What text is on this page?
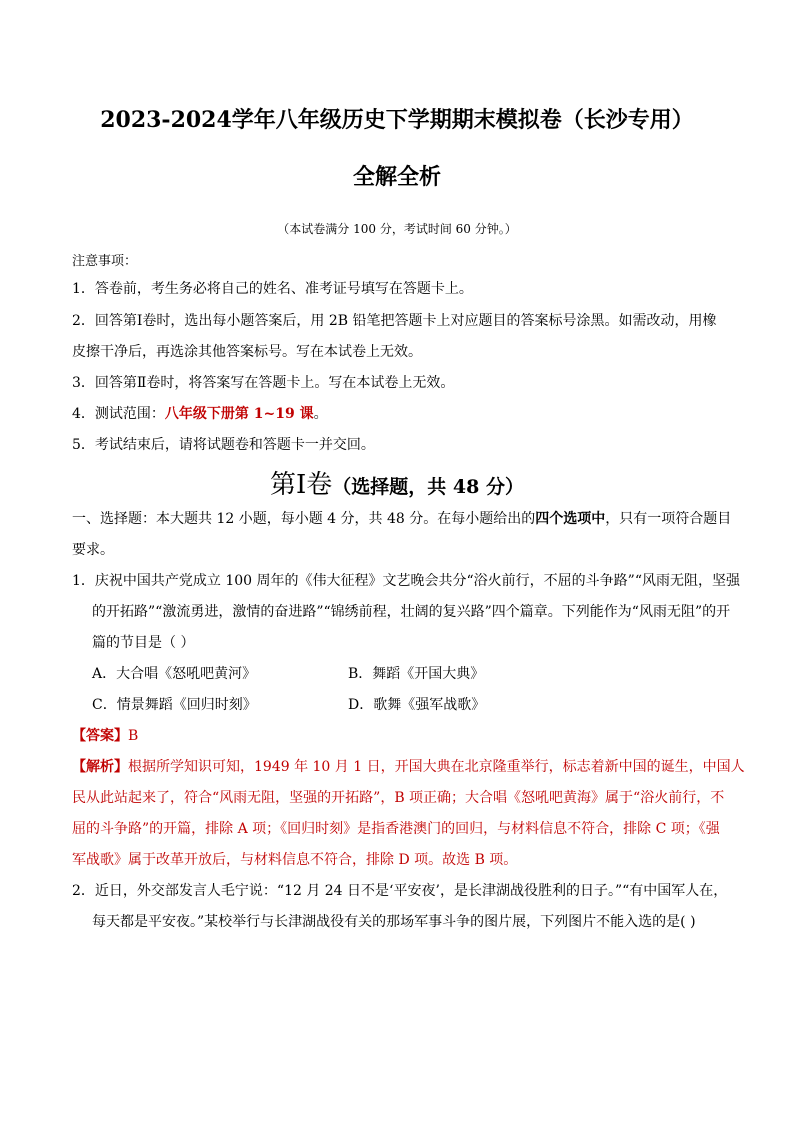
2023-2024学年八年级历史下学期期末模拟卷（长沙专用）
全解全析
（本试卷满分 100 分，考试时间 60 分钟。）
注意事项：
1．答卷前，考生务必将自己的姓名、准考证号填写在答题卡上。
2．回答第Ⅰ卷时，选出每小题答案后，用 2B 铅笔把答题卡上对应题目的答案标号涂黑。如需改动，用橡
皮擦干净后，再选涂其他答案标号。写在本试卷上无效。
3．回答第Ⅱ卷时，将答案写在答题卡上。写在本试卷上无效。
4．测试范围：八年级下册第 1~19 课。
5．考试结束后，请将试题卷和答题卡一并交回。
第Ⅰ卷（选择题，共 48 分）
一、选择题：本大题共 12 小题，每小题 4 分，共 48 分。在每小题给出的四个选项中，只有一项符合题目
要求。
1．庆祝中国共产党成立 100 周年的《伟大征程》文艺晚会共分“浴火前行，不屈的斗争路”“风雨无阻，坚强
的开拓路”“激流勇进，激情的奋进路”“锦绣前程，壮阔的复兴路”四个篇章。下列能作为“风雨无阻”的开
篇的节目是（ ）
A．大合唱《怒吼吧黄河》	B．舞蹈《开国大典》
C．情景舞蹈《回归时刻》	D．歌舞《强军战歌》
【答案】B
【解析】根据所学知识可知，1949 年 10 月 1 日，开国大典在北京隆重举行，标志着新中国的诞生，中国人
民从此站起来了，符合“风雨无阻，坚强的开拓路”，B 项正确；大合唱《怒吼吧黄海》属于“浴火前行，不
屈的斗争路”的开篇，排除 A 项；《回归时刻》是指香港澳门的回归，与材料信息不符合，排除 C 项；《强
军战歌》属于改革开放后，与材料信息不符合，排除 D 项。故选 B 项。
2．近日，外交部发言人毛宁说：“12 月 24 日不是‘平安夜’，是长津湖战役胜利的日子。”“有中国军人在，
每天都是平安夜。”某校举行与长津湖战役有关的那场军事斗争的图片展，下列图片不能入选的是( )
